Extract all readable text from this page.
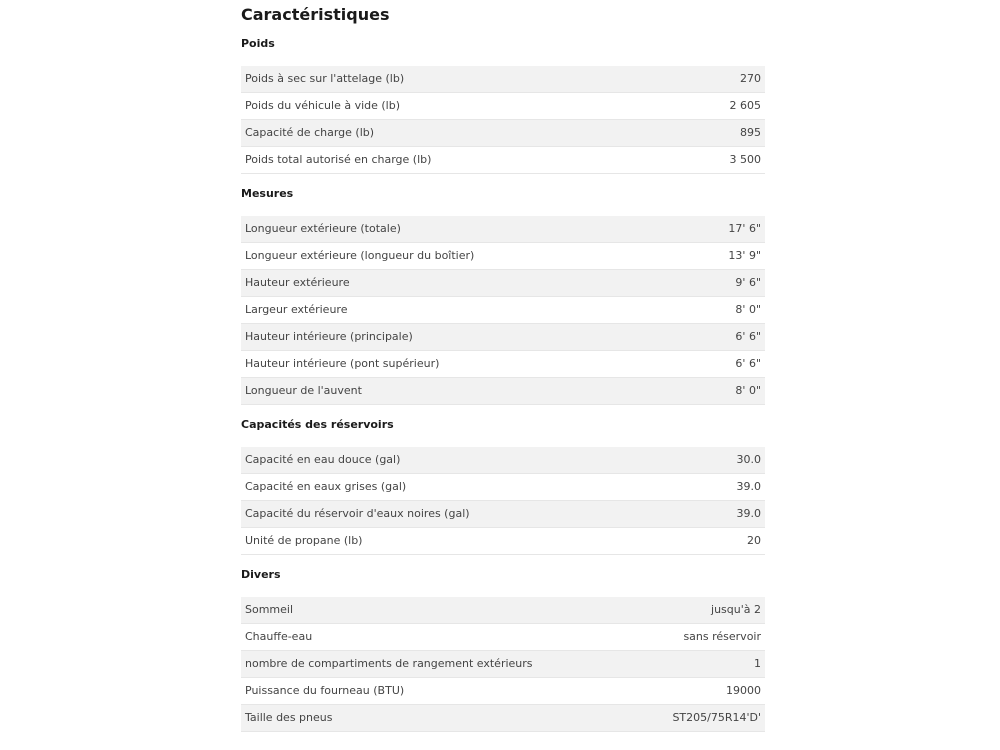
Caractéristiques
Poids
Poids à sec sur l'attelage (lb)	270
Poids du véhicule à vide (lb)	2 605
Capacité de charge (lb)	895
Poids total autorisé en charge (lb)	3 500
Mesures
Longueur extérieure (totale)	17' 6"
Longueur extérieure (longueur du boîtier)	13' 9"
Hauteur extérieure	9' 6"
Largeur extérieure	8' 0"
Hauteur intérieure (principale)	6' 6"
Hauteur intérieure (pont supérieur)	6' 6"
Longueur de l'auvent	8' 0"
Capacités des réservoirs
Capacité en eau douce (gal)	30.0
Capacité en eaux grises (gal)	39.0
Capacité du réservoir d'eaux noires (gal)	39.0
Unité de propane (lb)	20
Divers
Sommeil	jusqu'à 2
Chauffe-eau	sans réservoir
nombre de compartiments de rangement extérieurs	1
Puissance du fourneau (BTU)	19000
Taille des pneus	ST205/75R14'D'
